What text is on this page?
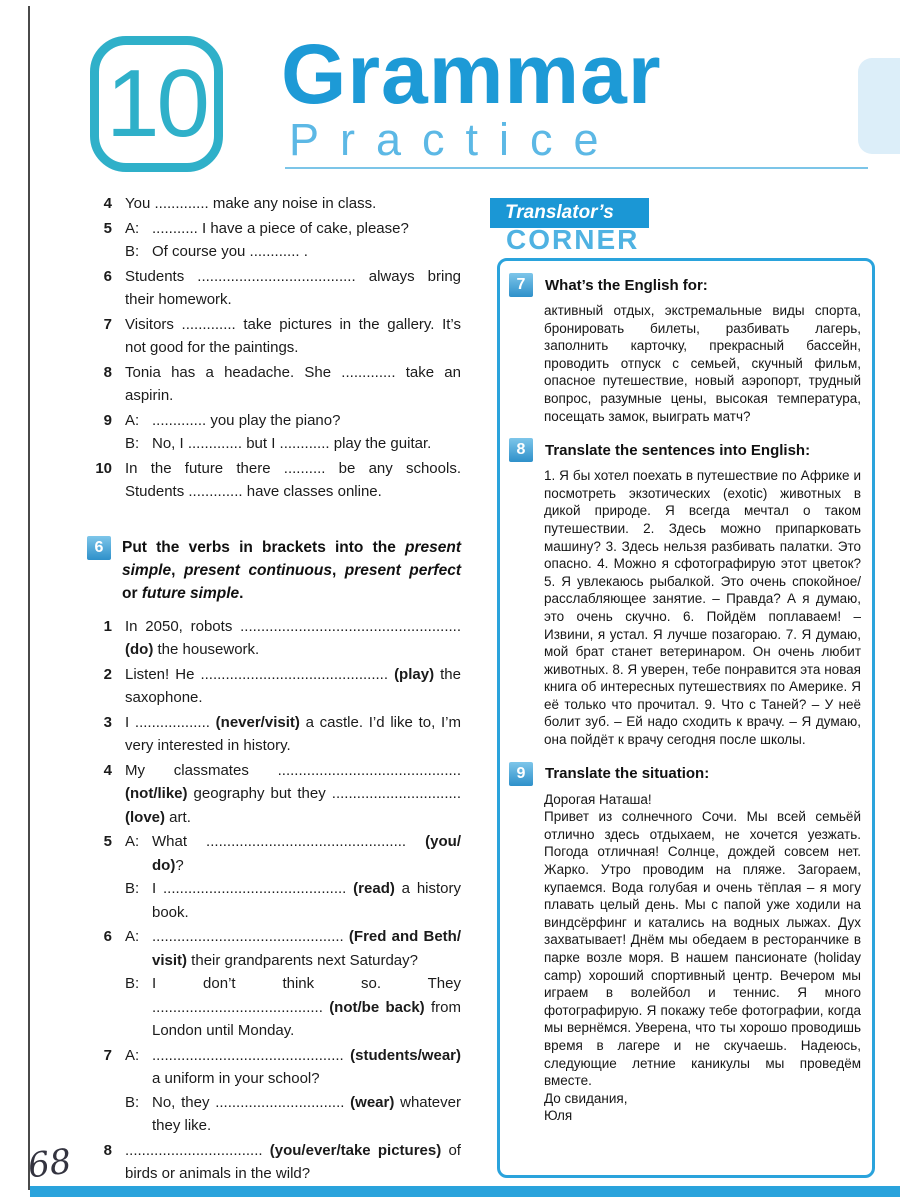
10 Grammar
Practice
4 You ............. make any noise in class.
5 A: ........... I have a piece of cake, please?
B: Of course you ............ .
6 Students ...................................... always bring their homework.
7 Visitors ............. take pictures in the gallery. It’s not good for the paintings.
8 Tonia has a headache. She ............. take an aspirin.
9 A: ............. you play the piano?
B: No, I ............. but I ............ play the guitar.
10 In the future there .......... be any schools. Students ............. have classes online.
6	Put the verbs in brackets into the present simple, present continuous, present perfect or future simple.
1 In 2050, robots ..................................................... (do) the housework.
2 Listen! He ............................................. (play) the saxophone.
3 I .................. (never/visit) a castle. I’d like to, I’m very interested in history.
4 My classmates ............................................ (not/like) geography but they ............................... (love) art.
5 A: What ................................................ (you/ do)?
B: I ............................................ (read) a history book.
6 A: .............................................. (Fred and Beth/ visit) their grandparents next Saturday?
B: I don’t think so. They ......................................... (not/be back) from London until Monday.
7 A: .............................................. (students/wear) a uniform in your school?
B: No, they ............................... (wear) whatever they like.
8 ................................. (you/ever/take pictures) of birds or animals in the wild?
Translator’s
CORNER
7	What’s the English for:

активный отдых, экстремальные виды спорта, бронировать билеты, разбивать лагерь, заполнить карточку, прекрасный бассейн, проводить отпуск с семьей, скучный фильм, опасное путешествие, новый аэропорт, трудный вопрос, разумные цены, высокая температура, посещать замок, выиграть матч?

8	Translate the sentences into English:

1. Я бы хотел поехать в путешествие по Африке и посмотреть экзотических (exotic) животных в дикой природе. Я всегда мечтал о таком путешествии. 2. Здесь можно припарковать машину? 3. Здесь нельзя разбивать палатки. Это опасно. 4. Можно я сфотографирую этот цветок? 5. Я увлекаюсь рыбалкой. Это очень спокойное/расслабляющее занятие. – Правда? А я думаю, это очень скучно. 6. Пойдём поплаваем! – Извини, я устал. Я лучше позагораю. 7. Я думаю, мой брат станет ветеринаром. Он очень любит животных. 8. Я уверен, тебе понравится эта новая книга об интересных путешествиях по Америке. Я её только что прочитал. 9. Что с Таней? – У неё болит зуб. – Ей надо сходить к врачу. – Я думаю, она пойдёт к врачу сегодня после школы.

9	Translate the situation:

Дорогая Наташа!

Привет из солнечного Сочи. Мы всей семьёй отлично здесь отдыхаем, не хочется уезжать. Погода отличная! Солнце, дождей совсем нет. Жарко. Утро проводим на пляже. Загораем, купаемся. Вода голубая и очень тёплая – я могу плавать целый день. Мы с папой уже ходили на виндсёрфинг и катались на водных лыжах. Дух захватывает! Днём мы обедаем в ресторанчике в парке возле моря. В нашем пансионате (holiday camp) хороший спортивный центр. Вечером мы играем в волейбол и теннис. Я много фотографирую. Я покажу тебе фотографии, когда мы вернёмся. Уверена, что ты хорошо проводишь время в лагере и не скучаешь. Надеюсь, следующие летние каникулы мы проведём вместе.

До свидания,

Юля

68
